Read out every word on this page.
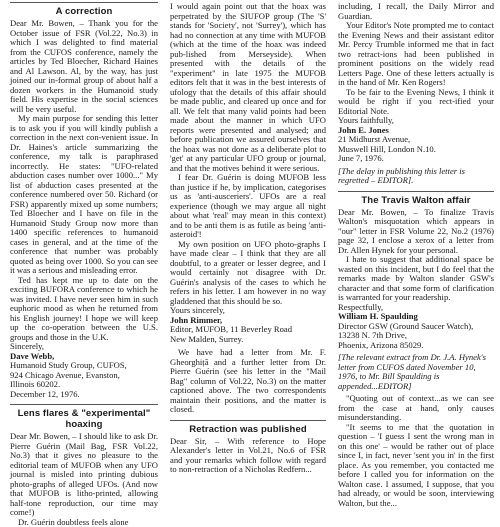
A correction

Dear Mr. Bowen, – Thank you for the October issue of FSR (Vol.22, No.3) in which I was delighted to find material from the CUFOS conference, namely the articles by Ted Bloecher, Richard Haines and Al Lawson. Al, by the way, has just joined our in-formal group of about half a dozen workers in the Humanoid study field. His expertise in the social sciences will be very useful.

My main purpose for sending this letter is to ask you if you will kindly publish a correction in the next con-venient issue. In Dr. Haines's article summarizing the conference, my talk is paraphrased incorrectly. He states: "UFO-related abduction cases number over 1000..." My list of abduction cases presented at the conference numbered over 50. Richard (or FSR) apparently mixed up some numbers; Ted Bloecher and I have on file in the Humanoid Study Group now more than 1400 specific references to humanoid cases in general, and at the time of the conference that number was probably quoted as being over 1000. So you can see it was a serious and misleading error.

Ted has kept me up to date on the exciting BUFORA conference to which he was invited. I have never seen him in such euphoric mood as when he returned from his English journey! I hope we will keep up the co-operation between the U.S. groups and those in the U.K.

Sincerely,
Dave Webb,
Humanoid Study Group, CUFOS,
924 Chicago Avenue, Evanston,
Illinois 60202.
December 12, 1976.
Lens flares & "experimental" hoaxing

Dear Mr. Bowen, – I should like to ask Dr. Pierre Guérin (Mail Bag, FSR Vol.22, No.3) that it gives no pleasure to the editorial team of MUFOB when any UFO journal is misled into printing dubious photo-graphs of alleged UFOs. (And now that MUFOB is litho-printed, allowing half-tone reproduction, our time may come!)

Dr. Guérin doubtless feels alone

I would again point out that the hoax was perpetrated by the SIUFOP group (The 'S' stands for 'Society', not 'Surrey'), which has had no connection at any time with MUFOB (which at the time of the hoax was indeed pub-lished from Merseyside). When presented with the details of the "experiment" in late 1975 the MUFOB editors felt that it was in the best interests of ufology that the details of this affair should be made public, and cleared up once and for all. We felt that many valid points had been made about the manner in which UFO reports were presented and analysed; and before publication we assured ourselves that the hoax was not done as a deliberate plot to 'get' at any particular UFO group or journal, and that the motives behind it were serious.

I fear Dr. Guérin is doing MUFOB less than justice if he, by implication, categorises us as 'anti-ausceriers'. UFOs are a real experience (though we may argue all night about what 'real' may mean in this context) and to be anti them is as futile as being 'anti-asteroid'!

My own position on UFO photo-graphs I have made clear – I think that they are all doubtful, to a greater or lesser degree, and I would certainly not disagree with Dr. Guérin's analysis of the cases to which he refers in his letter. I am however in no way gladdened that this should be so.

Yours sincerely,
John Rimmer,
Editor, MUFOB, 11 Beverley Road
New Malden, Surrey.

We have had a letter from Mr. F. Gheorghiță and a further letter from Dr. Pierre Guérin (see his letter in the "Mail Bag" column of Vol.22, No.3) on the matter captioned above. The two correspondents maintain their positions, and the matter is closed.

Retraction was published

Dear Sir, – With reference to Hope Alexander's letter in Vol.21, No.6 of FSR and your remarks which follow with regard to non-retraction of a Nicholas Redfern...

including, I recall, the Daily Mirror and Guardian.

Your Editor's Note prompted me to contact the Evening News and their assistant editor Mr. Percy Trumble informed me that in fact two retract-ions had been published in prominent positions on the widely read Letters Page. One of these letters actually is in the hand of Mr. Ken Rogers!

To be fair to the Evening News, I think it would be right if you rect-ified your Editorial Note.

Yours faithfully,
John E. Jones
21 Midhurst Avenue,
Muswell Hill, London N.10.
June 7, 1976.
[The delay in publishing this letter is regretted – EDITOR].
The Travis Walton affair

Dear Mr. Bowen, – To finalize Travis Walton's misquotation which appears in "our" letter in FSR Volume 22, No.2 (1976) page 32, I enclose a xerox of a letter from Dr. Allen Hynek for your personal.

I hate to suggest that additional space be wasted on this incident, but I do feel that the remarks made by Walton slander GSW's character and that some form of clarification is warranted for your readership.

Respectfully,
William H. Spaulding
Director GSW (Ground Saucer Watch),
13238 N. 7th Drive,
Phoenix, Arizona 85029.
[The relevant extract from Dr. J.A. Hynek's letter from CUFOS dated November 10, 1976, to Mr. Bill Spaulding is appended...EDITOR]

"Quoting out of context...as we can see from the case at hand, only causes misunderstanding.

"It seems to me that the quotation in question – 'I guess I sent the wrong man in on this one' – would be rather out of place since I, in fact, never 'sent you in' in the first place. As you remember, you contacted me before I called you for information on the Walton case. I assumed, I suppose, that you had already, or would be soon, interviewing Walton, but the...
